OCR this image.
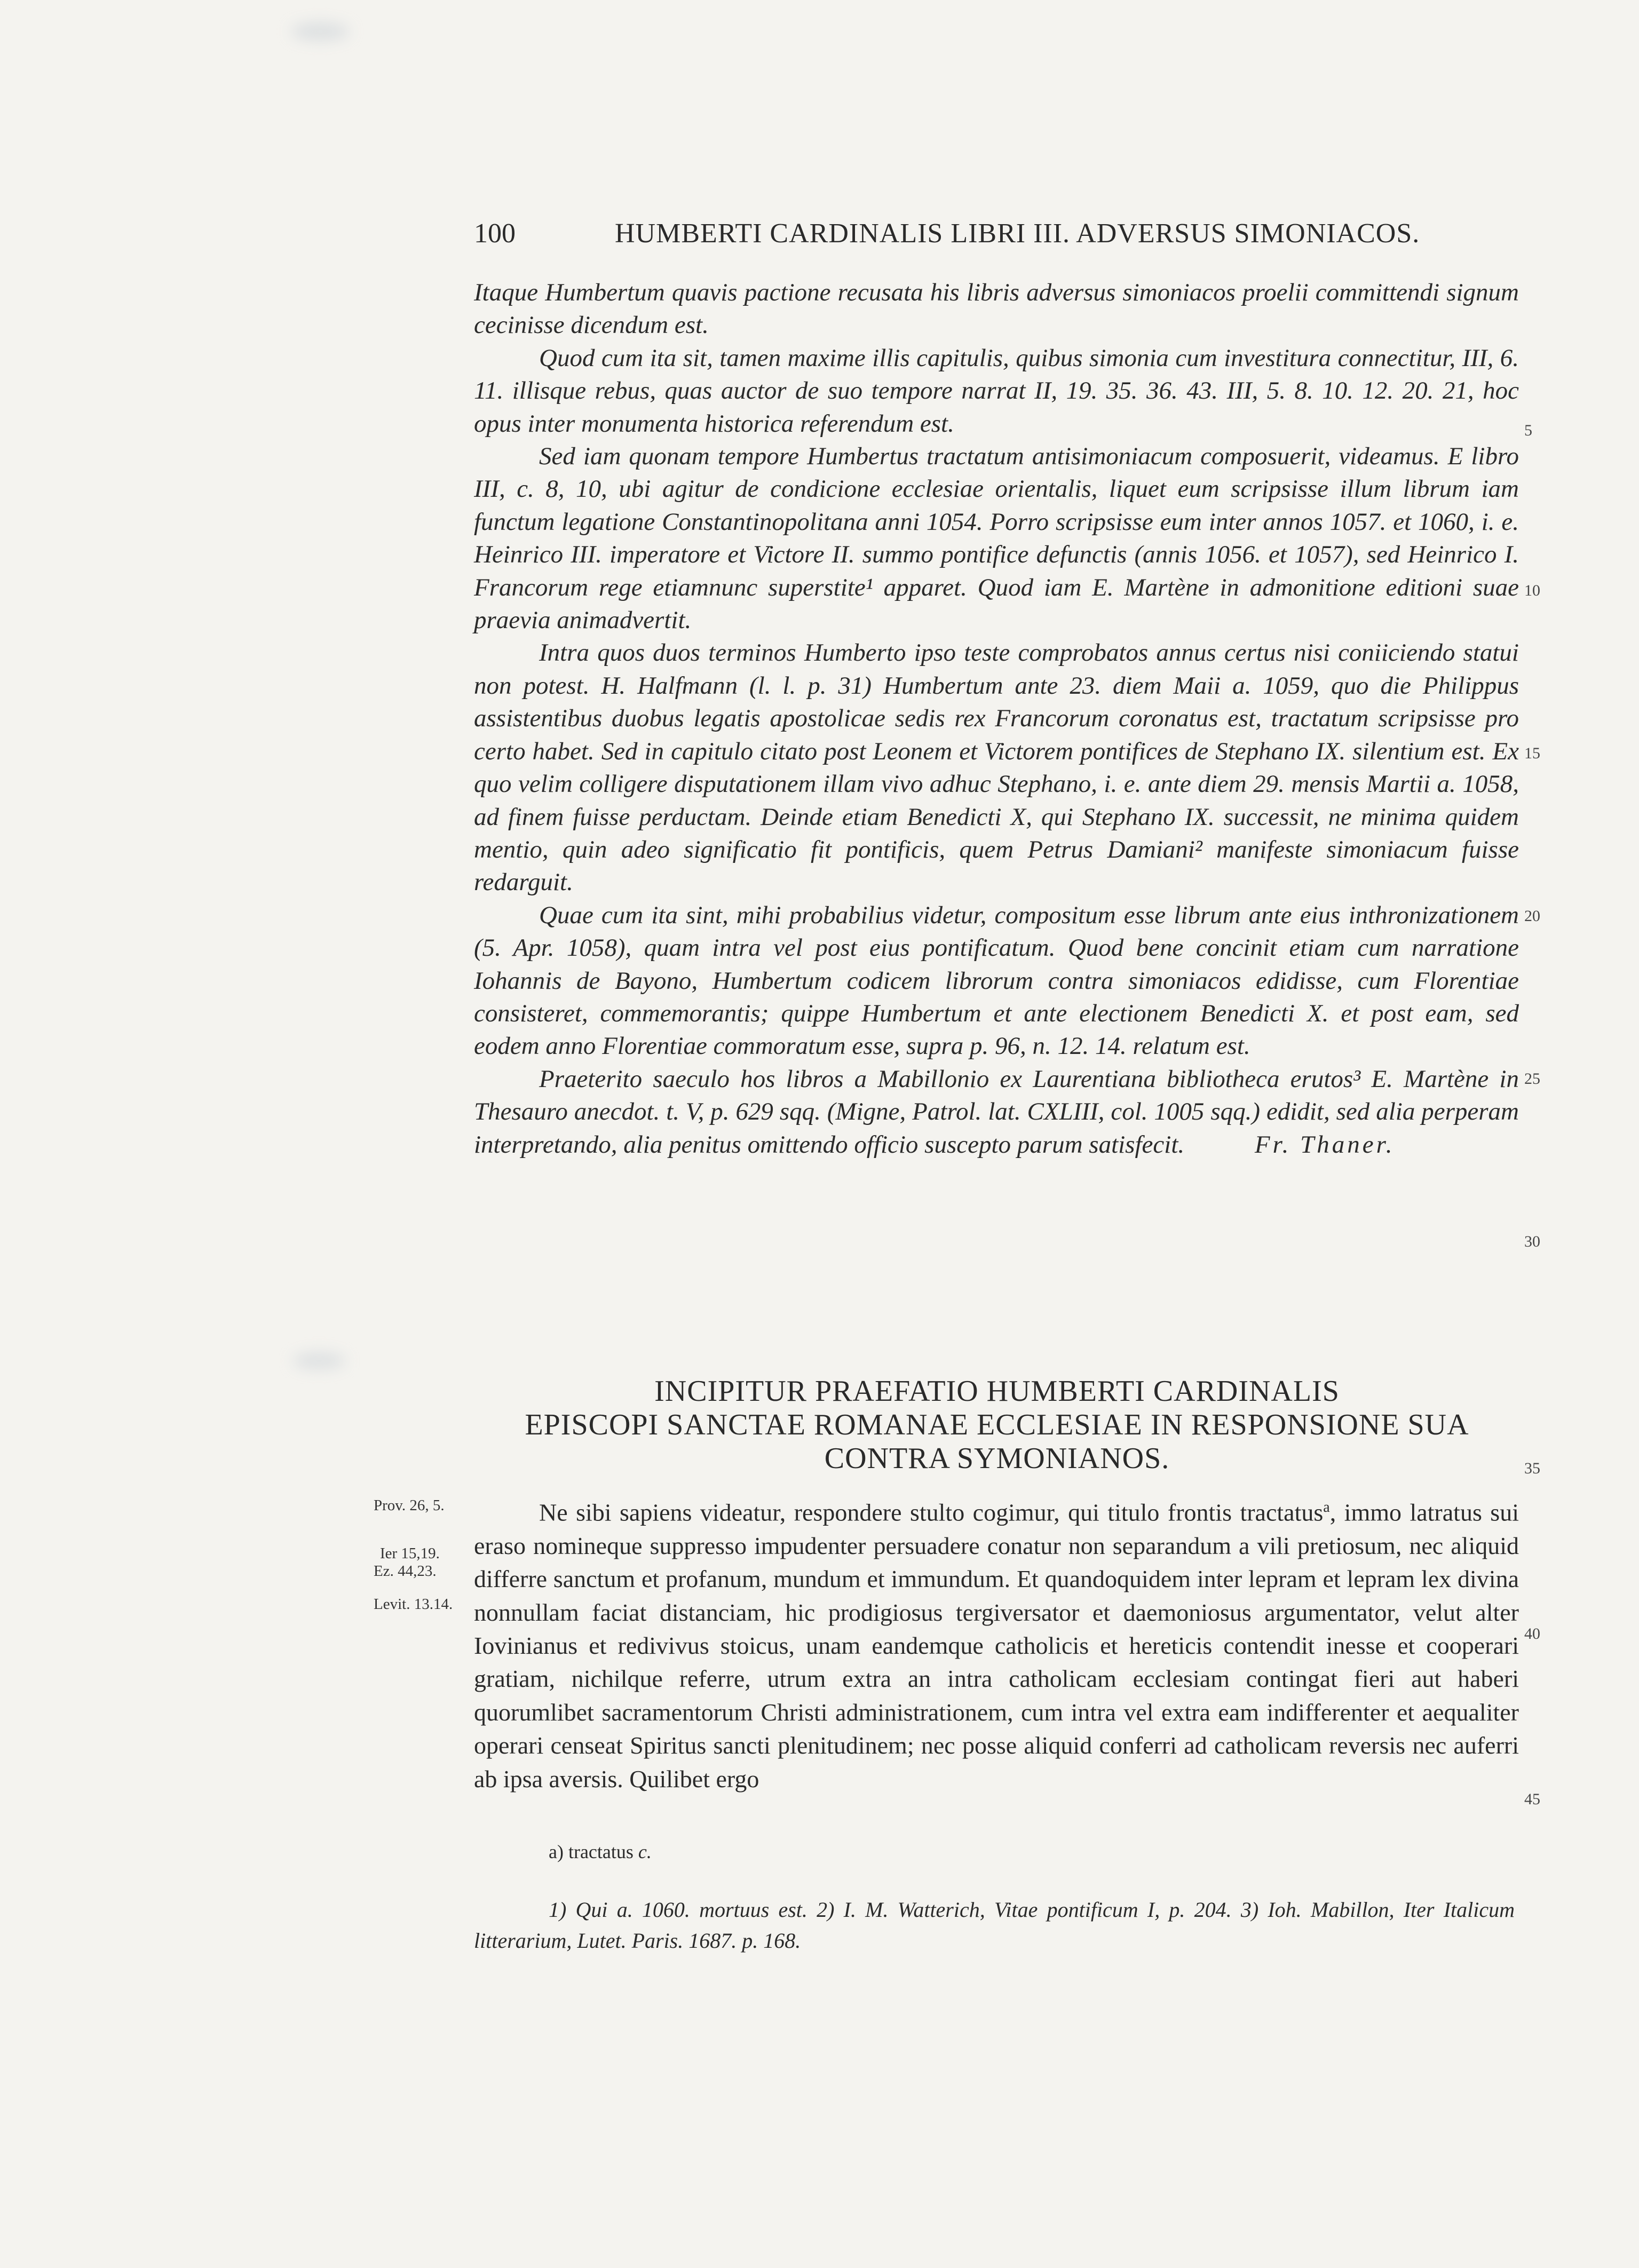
100	HUMBERTI CARDINALIS LIBRI III. ADVERSUS SIMONIACOS.

Itaque Humbertum quavis pactione recusata his libris adversus simoniacos proelii committendi signum cecinisse dicendum est.

Quod cum ita sit, tamen maxime illis capitulis, quibus simonia cum investitura connectitur, III, 6. 11. illisque rebus, quas auctor de suo tempore narrat II, 19. 35. 36. 43. III, 5. 8. 10. 12. 20. 21, hoc opus inter monumenta historica referendum est.

Sed iam quonam tempore Humbertus tractatum antisimoniacum composuerit, videamus. E libro III, c. 8, 10, ubi agitur de condicione ecclesiae orientalis, liquet eum scripsisse illum librum iam functum legatione Constantinopolitana anni 1054. Porro scripsisse eum inter annos 1057. et 1060, i. e. Heinrico III. imperatore et Victore II. summo pontifice defunctis (annis 1056. et 1057), sed Heinrico I. Francorum rege etiamnunc superstite¹ apparet. Quod iam E. Martène in admonitione editioni suae praevia animadvertit.

Intra quos duos terminos Humberto ipso teste comprobatos annus certus nisi coniiciendo statui non potest. H. Halfmann (l. l. p. 31) Humbertum ante 23. diem Maii a. 1059, quo die Philippus assistentibus duobus legatis apostolicae sedis rex Francorum coronatus est, tractatum scripsisse pro certo habet. Sed in capitulo citato post Leonem et Victorem pontifices de Stephano IX. silentium est. Ex quo velim colligere disputationem illam vivo adhuc Stephano, i. e. ante diem 29. mensis Martii a. 1058, ad finem fuisse perductam. Deinde etiam Benedicti X, qui Stephano IX. successit, ne minima quidem mentio, quin adeo significatio fit pontificis, quem Petrus Damiani² manifeste simoniacum fuisse redarguit.

Quae cum ita sint, mihi probabilius videtur, compositum esse librum ante eius inthronizationem (5. Apr. 1058), quam intra vel post eius pontificatum. Quod bene concinit etiam cum narratione Iohannis de Bayono, Humbertum codicem librorum contra simoniacos edidisse, cum Florentiae consisteret, commemorantis; quippe Humbertum et ante electionem Benedicti X. et post eam, sed eodem anno Florentiae commoratum esse, supra p. 96, n. 12. 14. relatum est.

Praeterito saeculo hos libros a Mabillonio ex Laurentiana bibliotheca erutos³ E. Martène in Thesauro anecdot. t. V, p. 629 sqq. (Migne, Patrol. lat. CXLIII, col. 1005 sqq.) edidit, sed alia perperam interpretando, alia penitus omittendo officio suscepto parum satisfecit.	Fr. Thaner.

5
10
15
20
25
30
35
40
45
INCIPITUR PRAEFATIO HUMBERTI CARDINALIS
EPISCOPI SANCTAE ROMANAE ECCLESIAE IN RESPONSIONE SUA
CONTRA SYMONIANOS.
Prov. 26, 5.
Ier 15,19.
Ez. 44,23.
Levit. 13.14.

Ne sibi sapiens videatur, respondere stulto cogimur, qui titulo frontis tractatus$^a$, immo latratus sui eraso nomineque suppresso impudenter persuadere conatur non separandum a vili pretiosum, nec aliquid differre sanctum et profanum, mundum et immundum. Et quandoquidem inter lepram et lepram lex divina nonnullam faciat distanciam, hic prodigiosus tergiversator et daemoniosus argumentator, velut alter Iovinianus et redivivus stoicus, unam eandemque catholicis et hereticis contendit inesse et cooperari gratiam, nichilque referre, utrum extra an intra catholicam ecclesiam contingat fieri aut haberi quorumlibet sacramentorum Christi administrationem, cum intra vel extra eam indifferenter et aequaliter operari censeat Spiritus sancti plenitudinem; nec posse aliquid conferri ad catholicam reversis nec auferri ab ipsa aversis. Quilibet ergo

a) tractatus c.

1) Qui a. 1060. mortuus est. 2) I. M. Watterich, Vitae pontificum I, p. 204. 3) Ioh. Mabillon, Iter Italicum litterarium, Lutet. Paris. 1687. p. 168.
